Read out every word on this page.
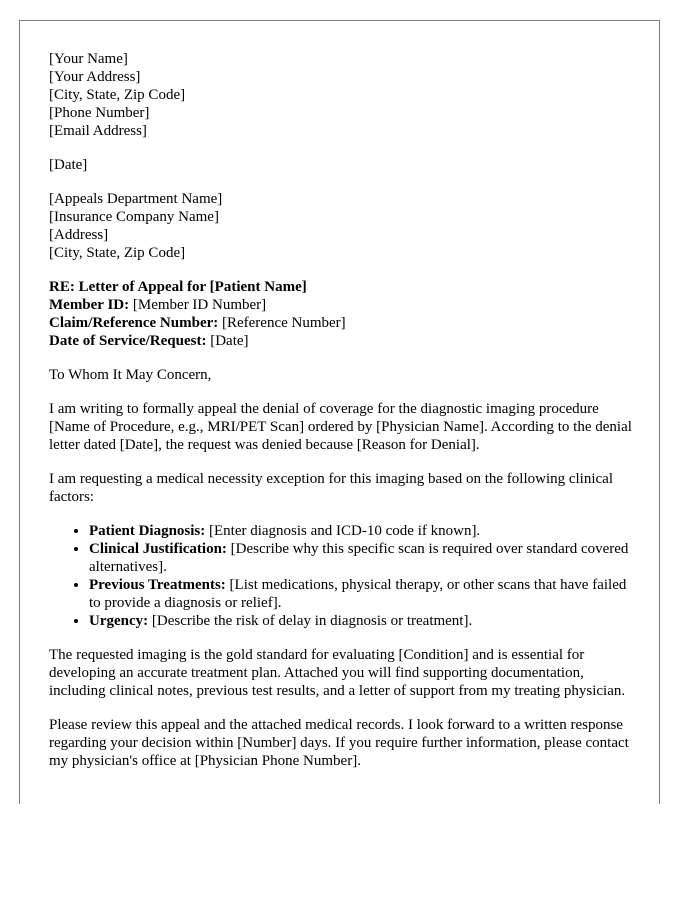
[Your Name]
[Your Address]
[City, State, Zip Code]
[Phone Number]
[Email Address]
[Date]
[Appeals Department Name]
[Insurance Company Name]
[Address]
[City, State, Zip Code]
RE: Letter of Appeal for [Patient Name]
Member ID: [Member ID Number]
Claim/Reference Number: [Reference Number]
Date of Service/Request: [Date]

To Whom It May Concern,

I am writing to formally appeal the denial of coverage for the diagnostic imaging procedure [Name of Procedure, e.g., MRI/PET Scan] ordered by [Physician Name]. According to the denial letter dated [Date], the request was denied because [Reason for Denial].

I am requesting a medical necessity exception for this imaging based on the following clinical factors:

• Patient Diagnosis: [Enter diagnosis and ICD-10 code if known].
• Clinical Justification: [Describe why this specific scan is required over standard covered alternatives].
• Previous Treatments: [List medications, physical therapy, or other scans that have failed to provide a diagnosis or relief].
• Urgency: [Describe the risk of delay in diagnosis or treatment].

The requested imaging is the gold standard for evaluating [Condition] and is essential for developing an accurate treatment plan. Attached you will find supporting documentation, including clinical notes, previous test results, and a letter of support from my treating physician.

Please review this appeal and the attached medical records. I look forward to a written response regarding your decision within [Number] days. If you require further information, please contact my physician's office at [Physician Phone Number].
